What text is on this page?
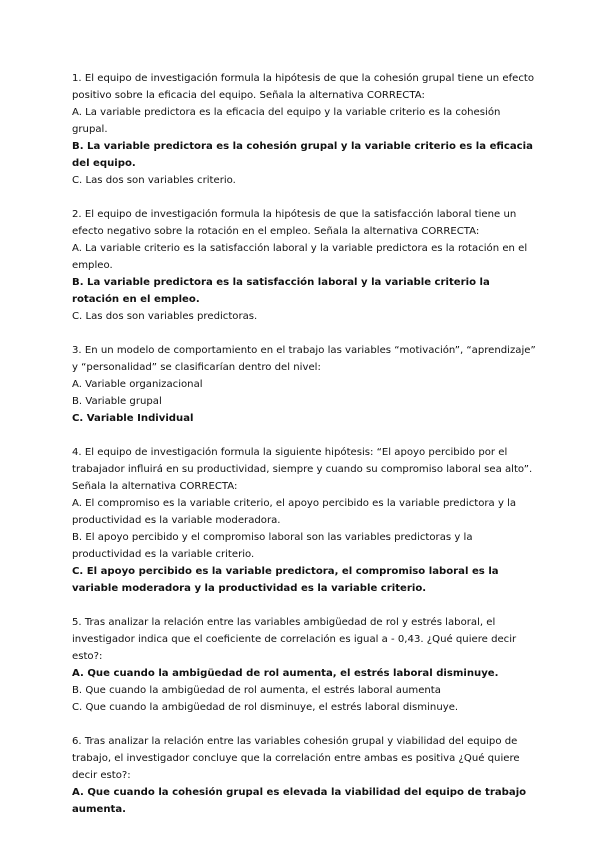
1. El equipo de investigación formula la hipótesis de que la cohesión grupal tiene un efecto
positivo sobre la eficacia del equipo. Señala la alternativa CORRECTA:
A. La variable predictora es la eficacia del equipo y la variable criterio es la cohesión grupal.
B. La variable predictora es la cohesión grupal y la variable criterio es la eficacia del equipo.
C. Las dos son variables criterio.
2. El equipo de investigación formula la hipótesis de que la satisfacción laboral tiene un
efecto negativo sobre la rotación en el empleo. Señala la alternativa CORRECTA:
A. La variable criterio es la satisfacción laboral y la variable predictora es la rotación en el empleo.
B. La variable predictora es la satisfacción laboral y la variable criterio la rotación en el empleo.
C. Las dos son variables predictoras.
3. En un modelo de comportamiento en el trabajo las variables “motivación”, “aprendizaje”
y “personalidad” se clasificarían dentro del nivel:
A. Variable organizacional
B. Variable grupal
C. Variable Individual
4. El equipo de investigación formula la siguiente hipótesis: “El apoyo percibido por el
trabajador influirá en su productividad, siempre y cuando su compromiso laboral sea alto”.
Señala la alternativa CORRECTA:
A. El compromiso es la variable criterio, el apoyo percibido es la variable predictora y la productividad es la variable moderadora.
B. El apoyo percibido y el compromiso laboral son las variables predictoras y la productividad es la variable criterio.
C. El apoyo percibido es la variable predictora, el compromiso laboral es la variable moderadora y la productividad es la variable criterio.
5. Tras analizar la relación entre las variables ambigüedad de rol y estrés laboral, el
investigador indica que el coeficiente de correlación es igual a - 0,43. ¿Qué quiere decir
esto?:
A. Que cuando la ambigüedad de rol aumenta, el estrés laboral disminuye.
B. Que cuando la ambigüedad de rol aumenta, el estrés laboral aumenta
C. Que cuando la ambigüedad de rol disminuye, el estrés laboral disminuye.
6. Tras analizar la relación entre las variables cohesión grupal y viabilidad del equipo de
trabajo, el investigador concluye que la correlación entre ambas es positiva ¿Qué quiere
decir esto?:
A. Que cuando la cohesión grupal es elevada la viabilidad del equipo de trabajo aumenta.
